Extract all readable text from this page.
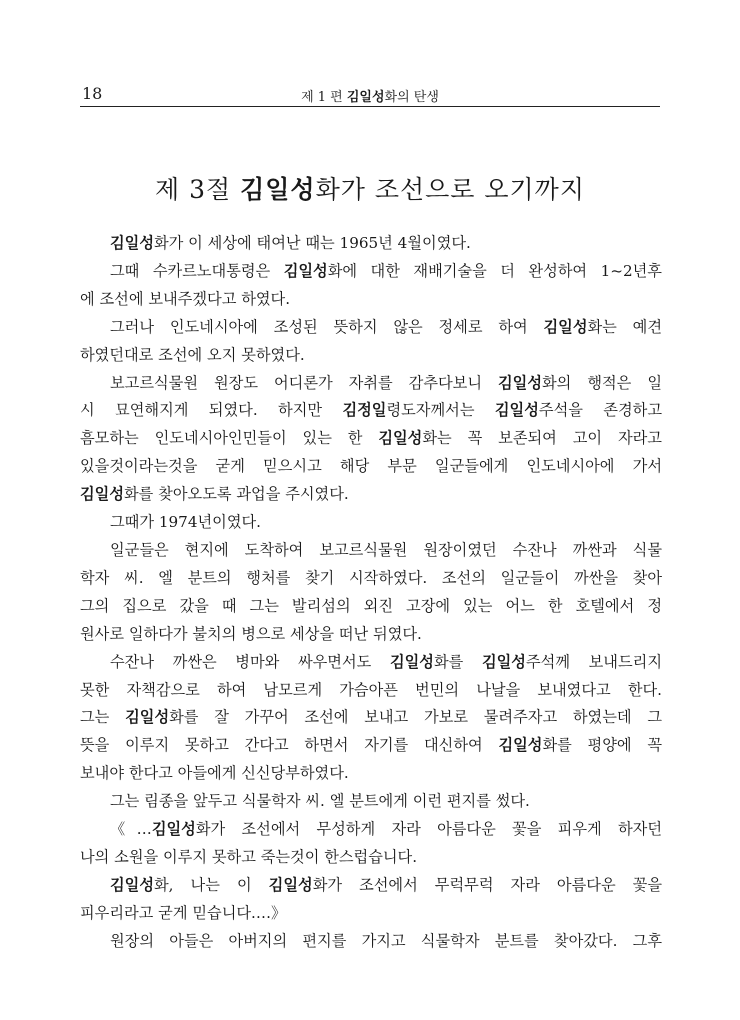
18	제 1 편 김일성화의 탄생
제 3절 김일성화가 조선으로 오기까지
김일성화가 이 세상에 태여난 때는 1965년 4월이였다.
그때 수카르노대통령은 김일성화에 대한 재배기술을 더 완성하여 1~2년후
에 조선에 보내주겠다고 하였다.
그러나 인도네시아에 조성된 뜻하지 않은 정세로 하여 김일성화는 예견
하였던대로 조선에 오지 못하였다.
보고르식물원 원장도 어디론가 자취를 감추다보니 김일성화의 행적은 일
시 묘연해지게 되였다. 하지만 김정일령도자께서는 김일성주석을 존경하고
흠모하는 인도네시아인민들이 있는 한 김일성화는 꼭 보존되여 고이 자라고
있을것이라는것을 굳게 믿으시고 해당 부문 일군들에게 인도네시아에 가서
김일성화를 찾아오도록 과업을 주시였다.
그때가 1974년이였다.
일군들은 현지에 도착하여 보고르식물원 원장이였던 수잔나 까싼과 식물
학자 씨. 엘 분트의 행처를 찾기 시작하였다. 조선의 일군들이 까싼을 찾아
그의 집으로 갔을 때 그는 발리섬의 외진 고장에 있는 어느 한 호텔에서 정
원사로 일하다가 불치의 병으로 세상을 떠난 뒤였다.
수잔나 까싼은 병마와 싸우면서도 김일성화를 김일성주석께 보내드리지
못한 자책감으로 하여 남모르게 가슴아픈 번민의 나날을 보내였다고 한다.
그는 김일성화를 잘 가꾸어 조선에 보내고 가보로 물려주자고 하였는데 그
뜻을 이루지 못하고 간다고 하면서 자기를 대신하여 김일성화를 평양에 꼭
보내야 한다고 아들에게 신신당부하였다.
그는 림종을 앞두고 식물학자 씨. 엘 분트에게 이런 편지를 썼다.
《…김일성화가 조선에서 무성하게 자라 아름다운 꽃을 피우게 하자던
나의 소원을 이루지 못하고 죽는것이 한스럽습니다.
김일성화, 나는 이 김일성화가 조선에서 무럭무럭 자라 아름다운 꽃을
피우리라고 굳게 믿습니다.…》
원장의 아들은 아버지의 편지를 가지고 식물학자 분트를 찾아갔다. 그후
